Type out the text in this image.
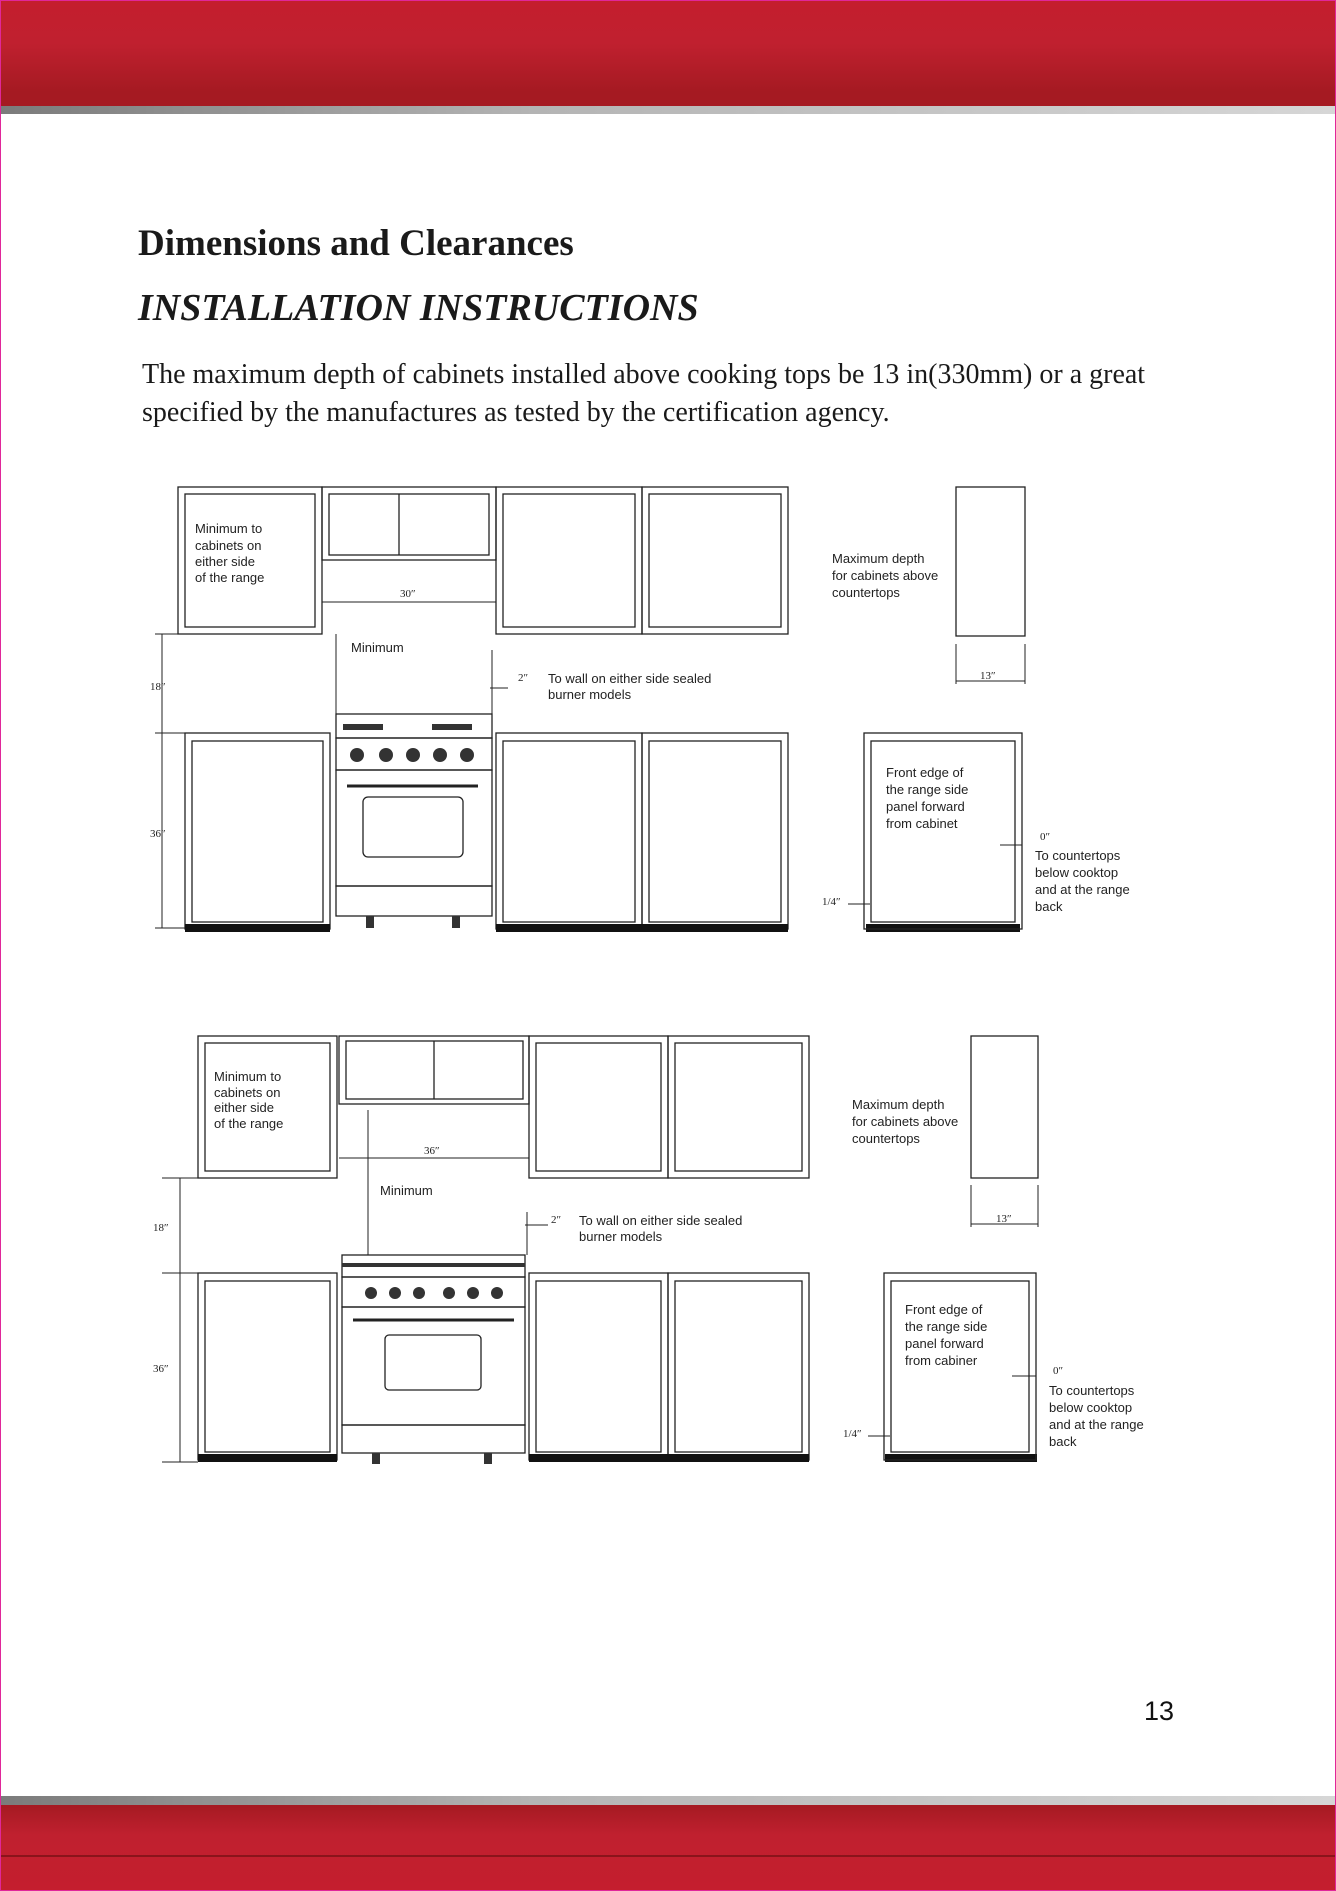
Dimensions and Clearances
INSTALLATION INSTRUCTIONS

The maximum depth of cabinets installed above cooking tops be 13 in(330mm) or a great specified by the manufactures as tested by the certification agency.

Minimum to
cabinets on
either side
of the range
Minimum
To wall on either side sealed
burner models
Maximum depth
for cabinets above
countertops
Front edge of
the range side
panel forward
from cabinet
To countertops
below cooktop
and at the range
back
30″
18″
36″
2″	13″
0″
1/4″
Minimum to
cabinets on
either side
of the range
Minimum
To wall on either side sealed
burner models
Maximum depth
for cabinets above
countertops
Front edge of
the range side
panel forward
from cabiner
To countertops
below cooktop
and at the range
back
36″
18″
36″
2″	13″
0″
1/4″
13
